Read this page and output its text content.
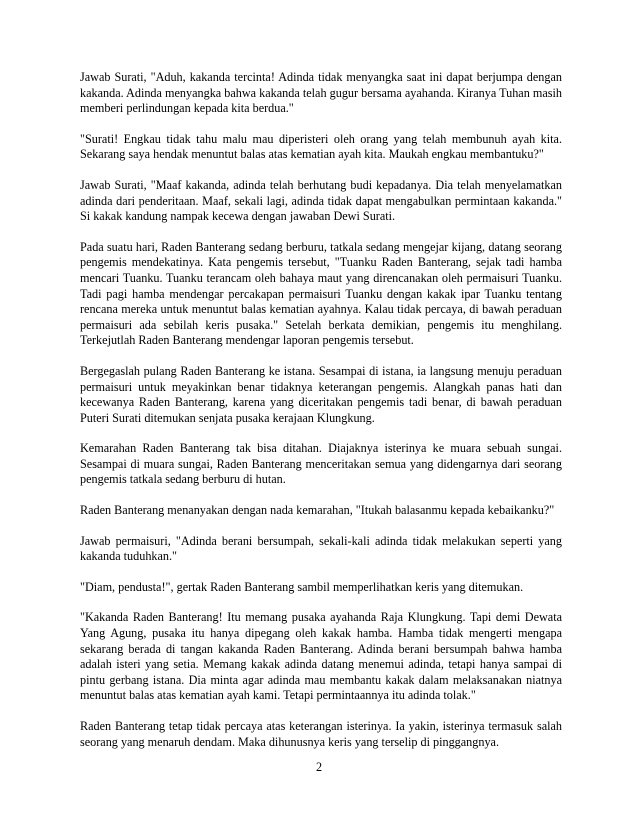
Jawab Surati, "Aduh, kakanda tercinta! Adinda tidak menyangka saat ini dapat berjumpa dengan kakanda. Adinda menyangka bahwa kakanda telah gugur bersama ayahanda. Kiranya Tuhan masih memberi perlindungan kepada kita berdua."

"Surati! Engkau tidak tahu malu mau diperisteri oleh orang yang telah membunuh ayah kita. Sekarang saya hendak menuntut balas atas kematian ayah kita. Maukah engkau membantuku?"

Jawab Surati, "Maaf kakanda, adinda telah berhutang budi kepadanya. Dia telah menyelamatkan adinda dari penderitaan. Maaf, sekali lagi, adinda tidak dapat mengabulkan permintaan kakanda." Si kakak kandung nampak kecewa dengan jawaban Dewi Surati.

Pada suatu hari, Raden Banterang sedang berburu, tatkala sedang mengejar kijang, datang seorang pengemis mendekatinya. Kata pengemis tersebut, "Tuanku Raden Banterang, sejak tadi hamba mencari Tuanku. Tuanku terancam oleh bahaya maut yang direncanakan oleh permaisuri Tuanku. Tadi pagi hamba mendengar percakapan permaisuri Tuanku dengan kakak ipar Tuanku tentang rencana mereka untuk menuntut balas kematian ayahnya. Kalau tidak percaya, di bawah peraduan permaisuri ada sebilah keris pusaka." Setelah berkata demikian, pengemis itu menghilang. Terkejutlah Raden Banterang mendengar laporan pengemis tersebut.

Bergegaslah pulang Raden Banterang ke istana. Sesampai di istana, ia langsung menuju peraduan permaisuri untuk meyakinkan benar tidaknya keterangan pengemis. Alangkah panas hati dan kecewanya Raden Banterang, karena yang diceritakan pengemis tadi benar, di bawah peraduan Puteri Surati ditemukan senjata pusaka kerajaan Klungkung.

Kemarahan Raden Banterang tak bisa ditahan. Diajaknya isterinya ke muara sebuah sungai. Sesampai di muara sungai, Raden Banterang menceritakan semua yang didengarnya dari seorang pengemis tatkala sedang berburu di hutan.

Raden Banterang menanyakan dengan nada kemarahan, "Itukah balasanmu kepada kebaikanku?"

Jawab permaisuri, "Adinda berani bersumpah, sekali-kali adinda tidak melakukan seperti yang kakanda tuduhkan."

"Diam, pendusta!", gertak Raden Banterang sambil memperlihatkan keris yang ditemukan.

"Kakanda Raden Banterang! Itu memang pusaka ayahanda Raja Klungkung. Tapi demi Dewata Yang Agung, pusaka itu hanya dipegang oleh kakak hamba. Hamba tidak mengerti mengapa sekarang berada di tangan kakanda Raden Banterang. Adinda berani bersumpah bahwa hamba adalah isteri yang setia. Memang kakak adinda datang menemui adinda, tetapi hanya sampai di pintu gerbang istana. Dia minta agar adinda mau membantu kakak dalam melaksanakan niatnya menuntut balas atas kematian ayah kami. Tetapi permintaannya itu adinda tolak."

Raden Banterang tetap tidak percaya atas keterangan isterinya. Ia yakin, isterinya termasuk salah seorang yang menaruh dendam. Maka dihunusnya keris yang terselip di pinggangnya.

2
